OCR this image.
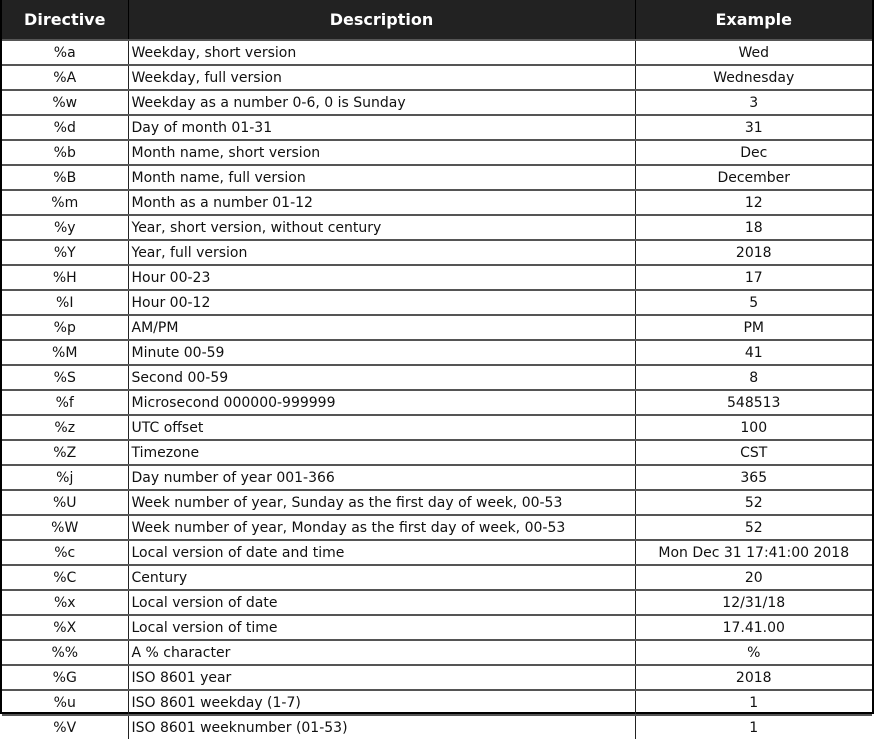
Directive	Description	Example
%a	Weekday, short version	Wed
%A	Weekday, full version	Wednesday
%w	Weekday as a number 0-6, 0 is Sunday	3
%d	Day of month 01-31	31
%b	Month name, short version	Dec
%B	Month name, full version	December
%m	Month as a number 01-12	12
%y	Year, short version, without century	18
%Y	Year, full version	2018
%H	Hour 00-23	17
%I	Hour 00-12	5
%p	AM/PM	PM
%M	Minute 00-59	41
%S	Second 00-59	8
%f	Microsecond 000000-999999	548513
%z	UTC offset	100
%Z	Timezone	CST
%j	Day number of year 001-366	365
%U	Week number of year, Sunday as the first day of week, 00-53	52
%W	Week number of year, Monday as the first day of week, 00-53	52
%c	Local version of date and time	Mon Dec 31 17:41:00 2018
%C	Century	20
%x	Local version of date	12/31/18
%X	Local version of time	17.41.00
%%	A % character	%
%G	ISO 8601 year	2018
%u	ISO 8601 weekday (1-7)	1
%V	ISO 8601 weeknumber (01-53)	1
